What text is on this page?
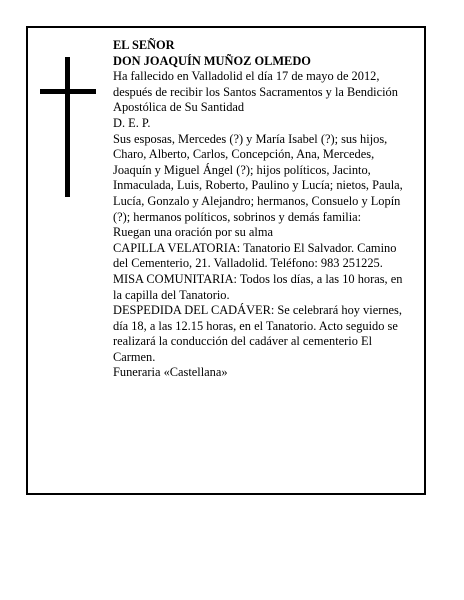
EL SEÑOR

DON JOAQUÍN MUÑOZ OLMEDO

Ha fallecido en Valladolid el día 17 de mayo de 2012, después de recibir los Santos Sacramentos y la Bendición Apostólica de Su Santidad

D. E. P.

Sus esposas, Mercedes (?) y María Isabel (?); sus hijos, Charo, Alberto, Carlos, Concepción, Ana, Mercedes, Joaquín y Miguel Ángel (?); hijos políticos, Jacinto, Inmaculada, Luis, Roberto, Paulino y Lucía; nietos, Paula, Lucía, Gonzalo y Alejandro; hermanos, Consuelo y Lopín (?); hermanos políticos, sobrinos y demás familia:

Ruegan una oración por su alma

CAPILLA VELATORIA: Tanatorio El Salvador. Camino del Cementerio, 21. Valladolid. Teléfono: 983 251225.

MISA COMUNITARIA: Todos los días, a las 10 horas, en la capilla del Tanatorio.

DESPEDIDA DEL CADÁVER: Se celebrará hoy viernes, día 18, a las 12.15 horas, en el Tanatorio. Acto seguido se realizará la conducción del cadáver al cementerio El Carmen.

Funeraria «Castellana»
